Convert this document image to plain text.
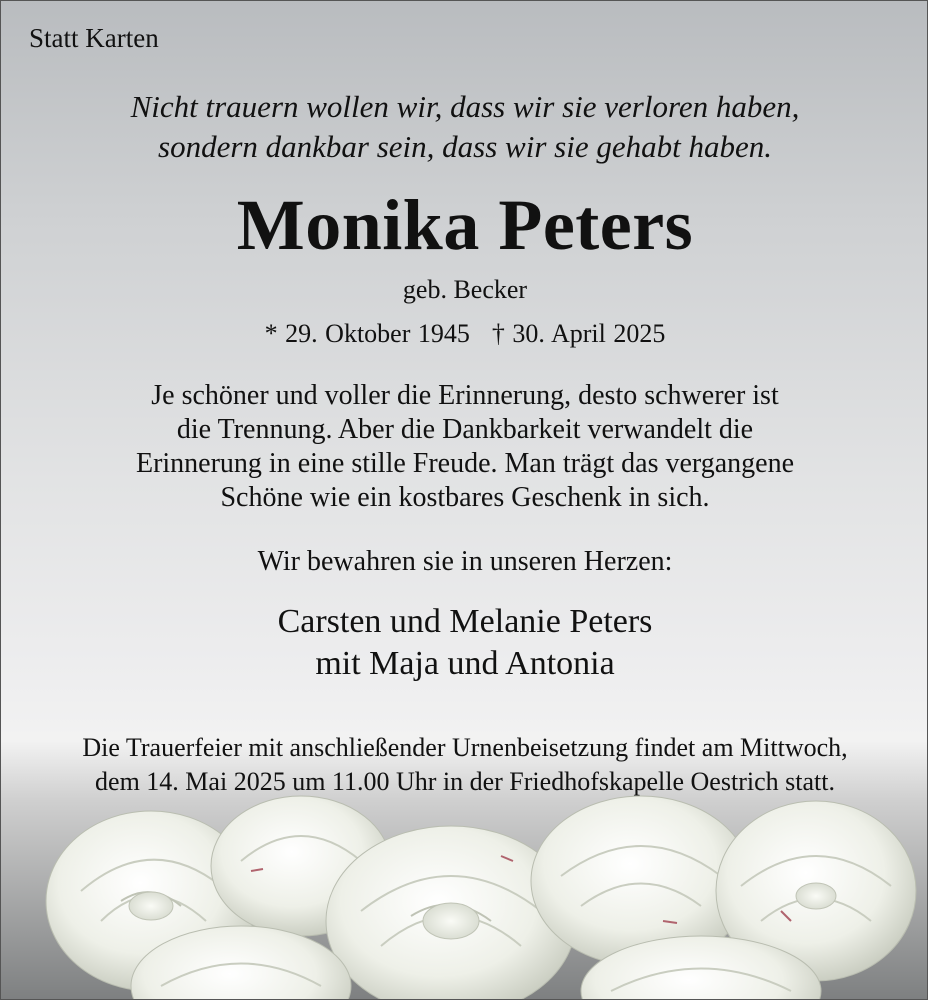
Statt Karten

Nicht trauern wollen wir, dass wir sie verloren haben,
sondern dankbar sein, dass wir sie gehabt haben.
Monika Peters

geb. Becker

* 29. Oktober 1945 † 30. April 2025

Je schöner und voller die Erinnerung, desto schwerer ist
die Trennung. Aber die Dankbarkeit verwandelt die
Erinnerung in eine stille Freude. Man trägt das vergangene
Schöne wie ein kostbares Geschenk in sich.

Wir bewahren sie in unseren Herzen:

Carsten und Melanie Peters
mit Maja und Antonia
Die Trauerfeier mit anschließender Urnenbeisetzung findet am Mittwoch,
dem 14. Mai 2025 um 11.00 Uhr in der Friedhofskapelle Oestrich statt.
